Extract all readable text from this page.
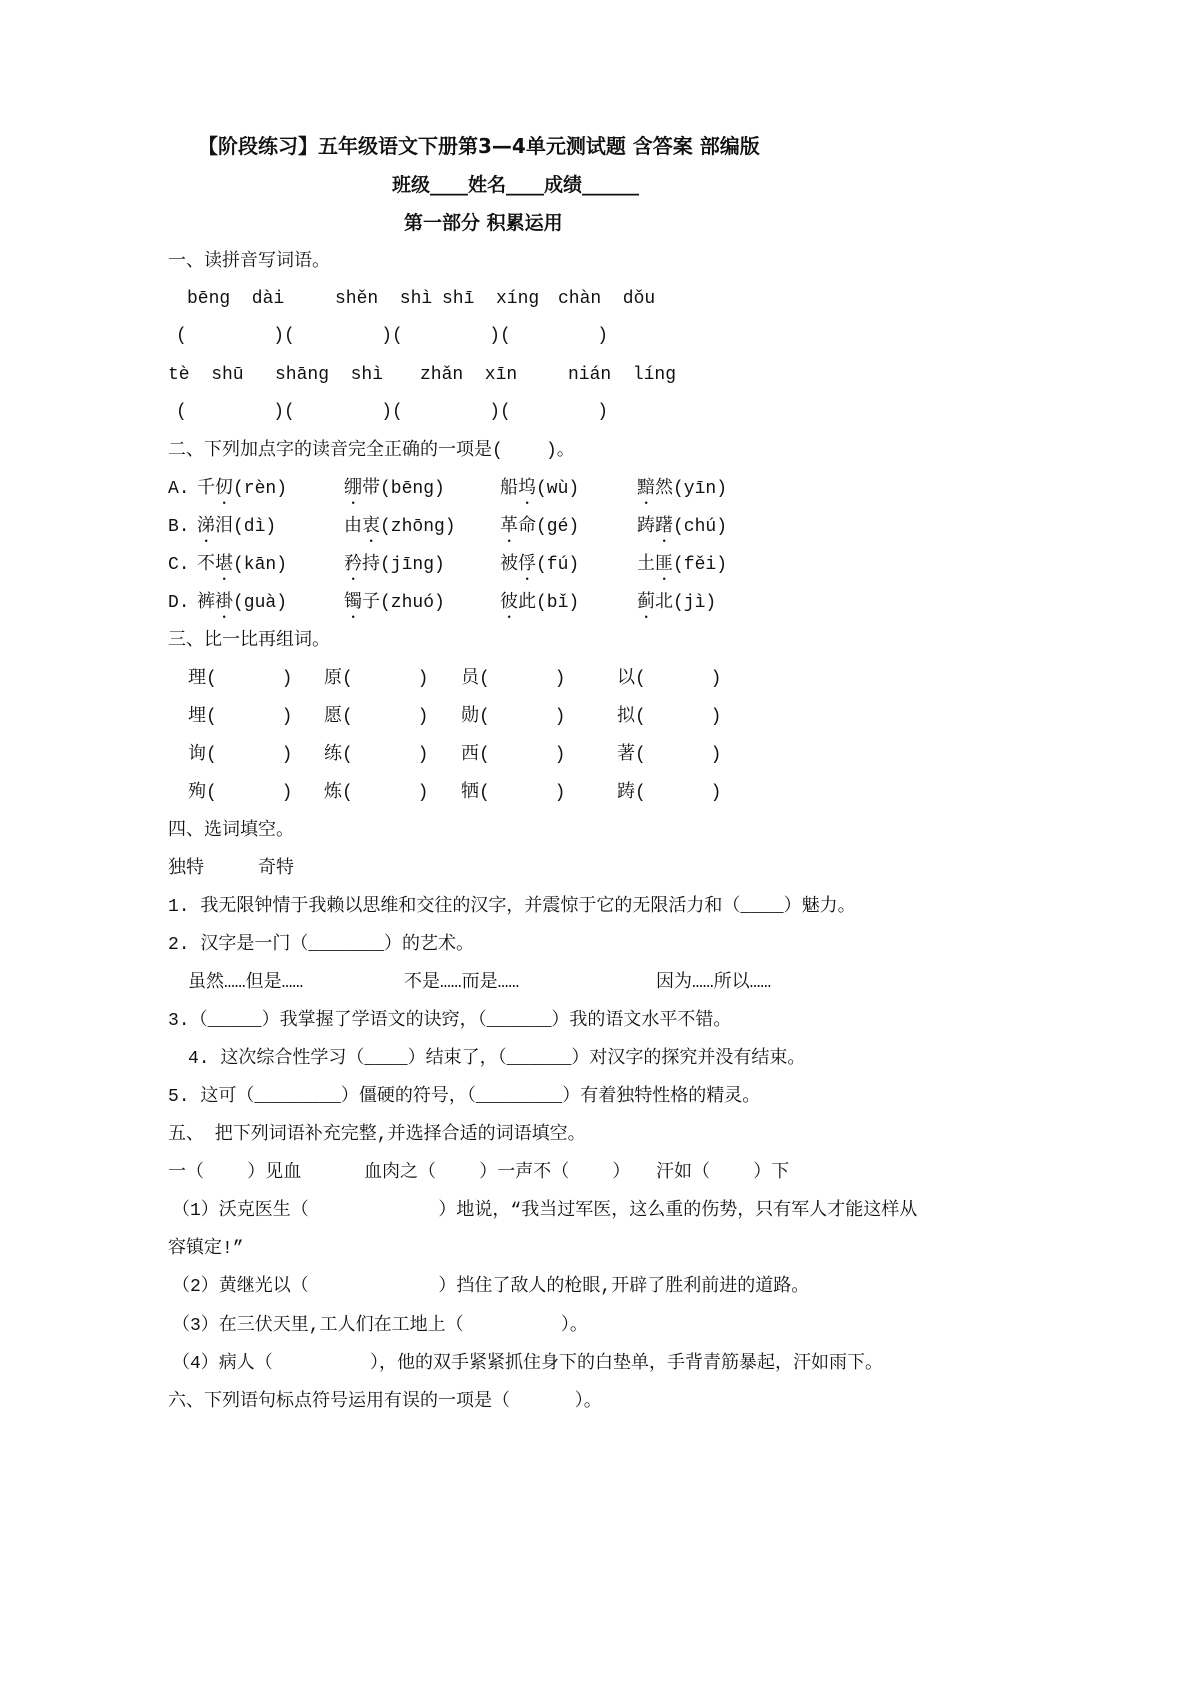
【阶段练习】五年级语文下册第3—4单元测试题 含答案 部编版
班级____姓名____成绩______
第一部分 积累运用
一、读拼音写词语。
bēng  dài	shěn  shì shī  xíng chàn  dǒu
(        )(        )(        )(        )
tè  shū shāng  shì zhǎn  xīn	nián  líng
(        )(        )(        )(        )
二、下列加点字的读音完全正确的一项是(    )。
A. 千仞(rèn)	绷带(bēng)	船坞(wù)	黯然(yīn)
B. 涕泪(dì)	由衷(zhōng) 革命(gé)	踌躇(chú)
C. 不堪(kān)	矜持(jīng)	被俘(fú)	土匪(fěi)
D. 裤褂(guà)	镯子(zhuó)	彼此(bǐ)	蓟北(jì)
三、比一比再组词。
理(      ) 原(      ) 员(      )	以(      )
埋(      ) 愿(      ) 勋(      )	拟(      )
询(      ) 练(      ) 西(      )	著(      )
殉(      ) 炼(      ) 牺(      )	踌(      )
四、选词填空。
独特     奇特
1. 我无限钟情于我赖以思维和交往的汉字，并震惊于它的无限活力和（____）魅力。
2. 汉字是一门（_______）的艺术。
虽然……但是……	不是……而是……	因为……所以……
3.（_____）我掌握了学语文的诀窍，（______）我的语文水平不错。
4. 这次综合性学习（____）结束了，（______）对汉字的探究并没有结束。
5. 这可（________）僵硬的符号，（________）有着独特性格的精灵。
五、 把下列词语补充完整,并选择合适的词语填空。
一（    ）见血	血肉之（    ）一声不（    ） 汗如（    ）下
（1）沃克医生（            ）地说，“我当过军医，这么重的伤势，只有军人才能这样从
容镇定!”
（2）黄继光以（            ）挡住了敌人的枪眼,开辟了胜利前进的道路。
（3）在三伏天里,工人们在工地上（         ）。
（4）病人（         ），他的双手紧紧抓住身下的白垫单，手背青筋暴起，汗如雨下。
六、下列语句标点符号运用有误的一项是（      ）。
